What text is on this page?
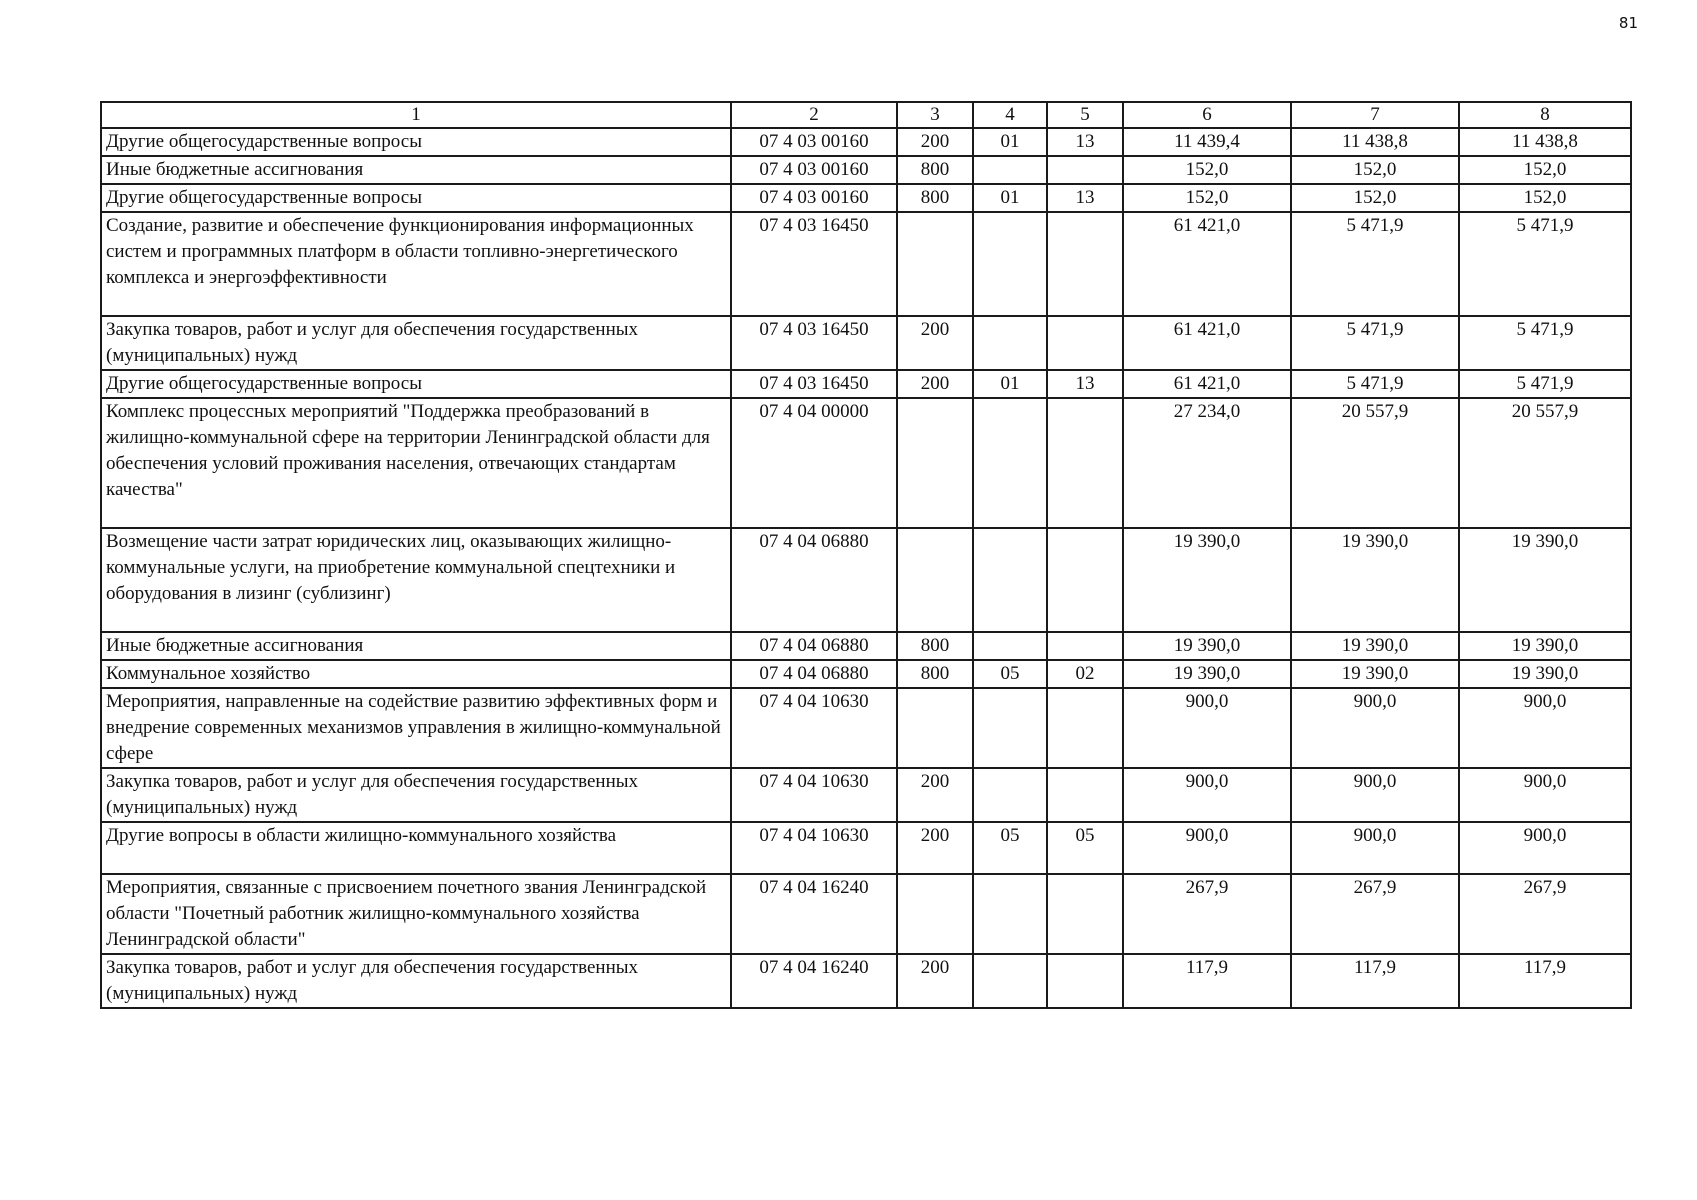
81
1	2	3	4	5	6	7	8
Другие общегосударственные вопросы	07 4 03 00160	200	01	13	11 439,4	11 438,8	11 438,8
Иные бюджетные ассигнования	07 4 03 00160	800			152,0	152,0	152,0
Другие общегосударственные вопросы	07 4 03 00160	800	01	13	152,0	152,0	152,0
Создание, развитие и обеспечение функционирования информационных систем и программных платформ в области топливно-энергетического комплекса и энергоэффективности	07 4 03 16450				61 421,0	5 471,9	5 471,9
Закупка товаров, работ и услуг для обеспечения государственных (муниципальных) нужд	07 4 03 16450	200			61 421,0	5 471,9	5 471,9
Другие общегосударственные вопросы	07 4 03 16450	200	01	13	61 421,0	5 471,9	5 471,9
Комплекс процессных мероприятий "Поддержка преобразований в жилищно-коммунальной сфере на территории Ленинградской области для обеспечения условий проживания населения, отвечающих стандартам качества"	07 4 04 00000				27 234,0	20 557,9	20 557,9
Возмещение части затрат юридических лиц, оказывающих жилищно-коммунальные услуги, на приобретение коммунальной спецтехники и оборудования в лизинг (сублизинг)	07 4 04 06880				19 390,0	19 390,0	19 390,0
Иные бюджетные ассигнования	07 4 04 06880	800			19 390,0	19 390,0	19 390,0
Коммунальное хозяйство	07 4 04 06880	800	05	02	19 390,0	19 390,0	19 390,0
Мероприятия, направленные на содействие развитию эффективных форм и внедрение современных механизмов управления в жилищно-коммунальной сфере	07 4 04 10630				900,0	900,0	900,0
Закупка товаров, работ и услуг для обеспечения государственных (муниципальных) нужд	07 4 04 10630	200			900,0	900,0	900,0
Другие вопросы в области жилищно-коммунального хозяйства	07 4 04 10630	200	05	05	900,0	900,0	900,0
Мероприятия, связанные с присвоением почетного звания Ленинградской области "Почетный работник жилищно-коммунального хозяйства Ленинградской области"	07 4 04 16240				267,9	267,9	267,9
Закупка товаров, работ и услуг для обеспечения государственных (муниципальных) нужд	07 4 04 16240	200			117,9	117,9	117,9
